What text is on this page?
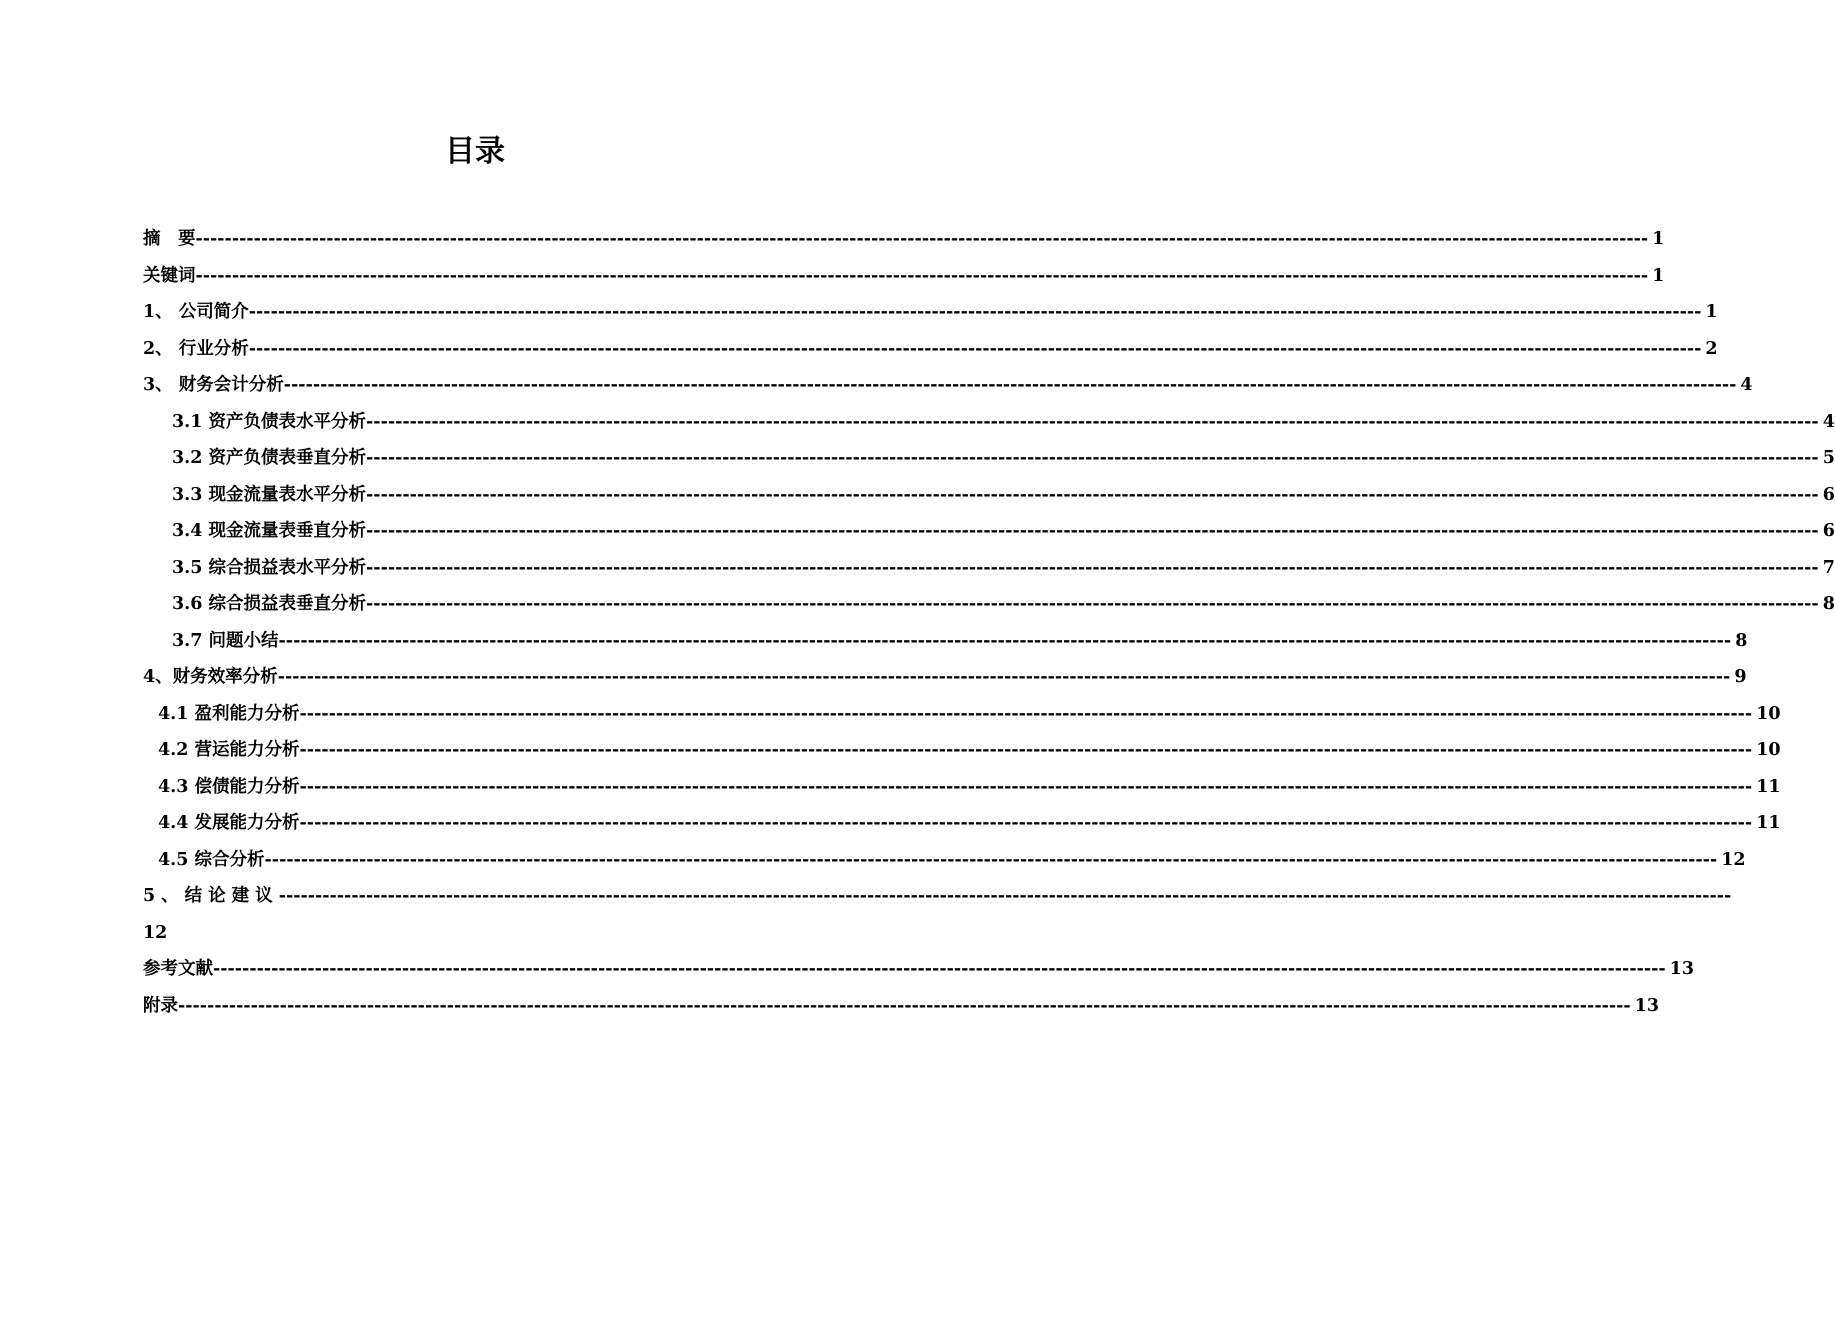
目录
摘　要 -------------------------------------------------------------------------------------------------------------------------------------------------------------------------------------------------------- 1
关键词 -------------------------------------------------------------------------------------------------------------------------------------------------------------------------------------------------------- 1
1、 公司简介 -------------------------------------------------------------------------------------------------------------------------------------------------------------------------------------------------------- 1
2、 行业分析 -------------------------------------------------------------------------------------------------------------------------------------------------------------------------------------------------------- 2
3、 财务会计分析 -------------------------------------------------------------------------------------------------------------------------------------------------------------------------------------------------------- 4
3.1 资产负债表水平分析 -------------------------------------------------------------------------------------------------------------------------------------------------------------------------------------------------------- 4
3.2 资产负债表垂直分析 -------------------------------------------------------------------------------------------------------------------------------------------------------------------------------------------------------- 5
3.3 现金流量表水平分析 -------------------------------------------------------------------------------------------------------------------------------------------------------------------------------------------------------- 6
3.4 现金流量表垂直分析 -------------------------------------------------------------------------------------------------------------------------------------------------------------------------------------------------------- 6
3.5 综合损益表水平分析 -------------------------------------------------------------------------------------------------------------------------------------------------------------------------------------------------------- 7
3.6 综合损益表垂直分析 -------------------------------------------------------------------------------------------------------------------------------------------------------------------------------------------------------- 8
3.7 问题小结 -------------------------------------------------------------------------------------------------------------------------------------------------------------------------------------------------------- 8
4、财务效率分析 -------------------------------------------------------------------------------------------------------------------------------------------------------------------------------------------------------- 9
4.1 盈利能力分析 -------------------------------------------------------------------------------------------------------------------------------------------------------------------------------------------------------- 10
4.2 营运能力分析 -------------------------------------------------------------------------------------------------------------------------------------------------------------------------------------------------------- 10
4.3 偿债能力分析 -------------------------------------------------------------------------------------------------------------------------------------------------------------------------------------------------------- 11
4.4 发展能力分析 -------------------------------------------------------------------------------------------------------------------------------------------------------------------------------------------------------- 11
4.5 综合分析 -------------------------------------------------------------------------------------------------------------------------------------------------------------------------------------------------------- 12
5、结论建议 --------------------------------------------------------------------------------------------------------------------------------------------------------------------------------------------------------
12
参考文献 -------------------------------------------------------------------------------------------------------------------------------------------------------------------------------------------------------- 13
附录 -------------------------------------------------------------------------------------------------------------------------------------------------------------------------------------------------------- 13
